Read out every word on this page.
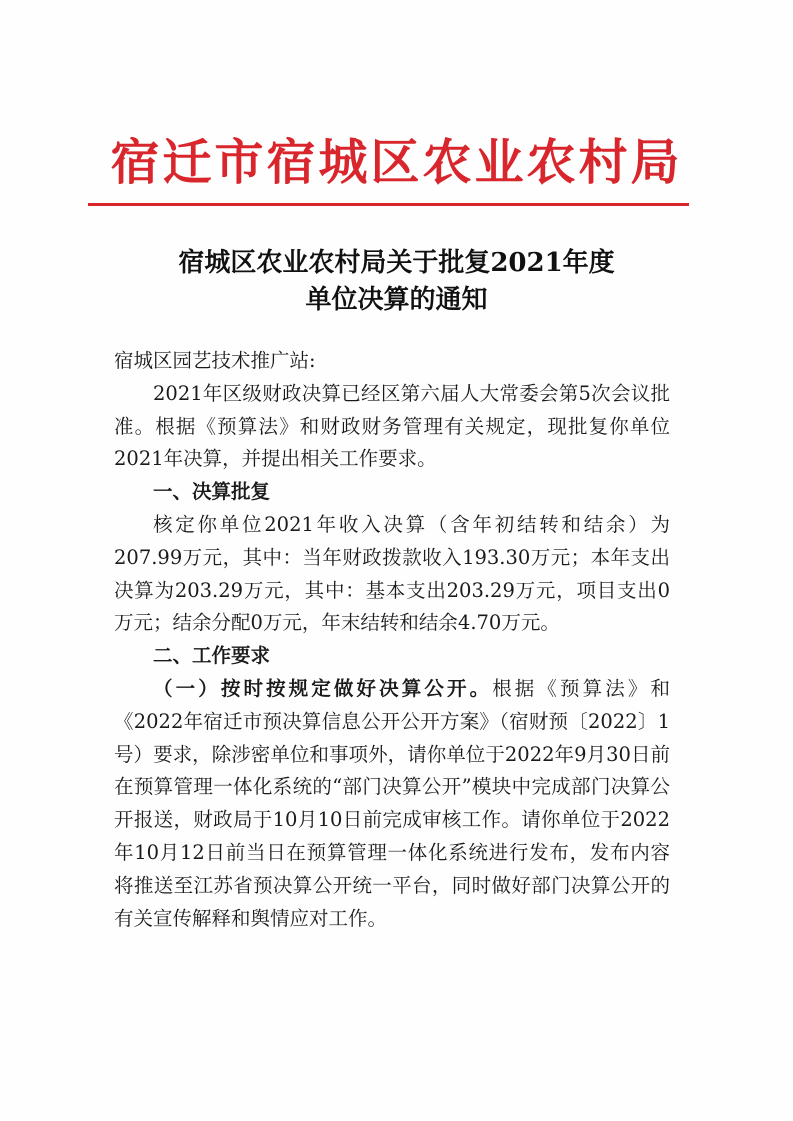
宿迁市宿城区农业农村局
宿城区农业农村局关于批复2021年度
单位决算的通知

宿城区园艺技术推广站:

2021年区级财政决算已经区第六届人大常委会第5次会议批准。根据《预算法》和财政财务管理有关规定，现批复你单位2021年决算，并提出相关工作要求。

一、决算批复

核定你单位2021年收入决算（含年初结转和结余）为207.99万元，其中：当年财政拨款收入193.30万元；本年支出决算为203.29万元，其中：基本支出203.29万元，项目支出0万元；结余分配0万元，年末结转和结余4.70万元。

二、工作要求

（一）按时按规定做好决算公开。根据《预算法》和《2022年宿迁市预决算信息公开公开方案》（宿财预〔2022〕1号）要求，除涉密单位和事项外，请你单位于2022年9月30日前在预算管理一体化系统的“部门决算公开”模块中完成部门决算公开报送，财政局于10月10日前完成审核工作。请你单位于2022年10月12日前当日在预算管理一体化系统进行发布，发布内容将推送至江苏省预决算公开统一平台，同时做好部门决算公开的有关宣传解释和舆情应对工作。
